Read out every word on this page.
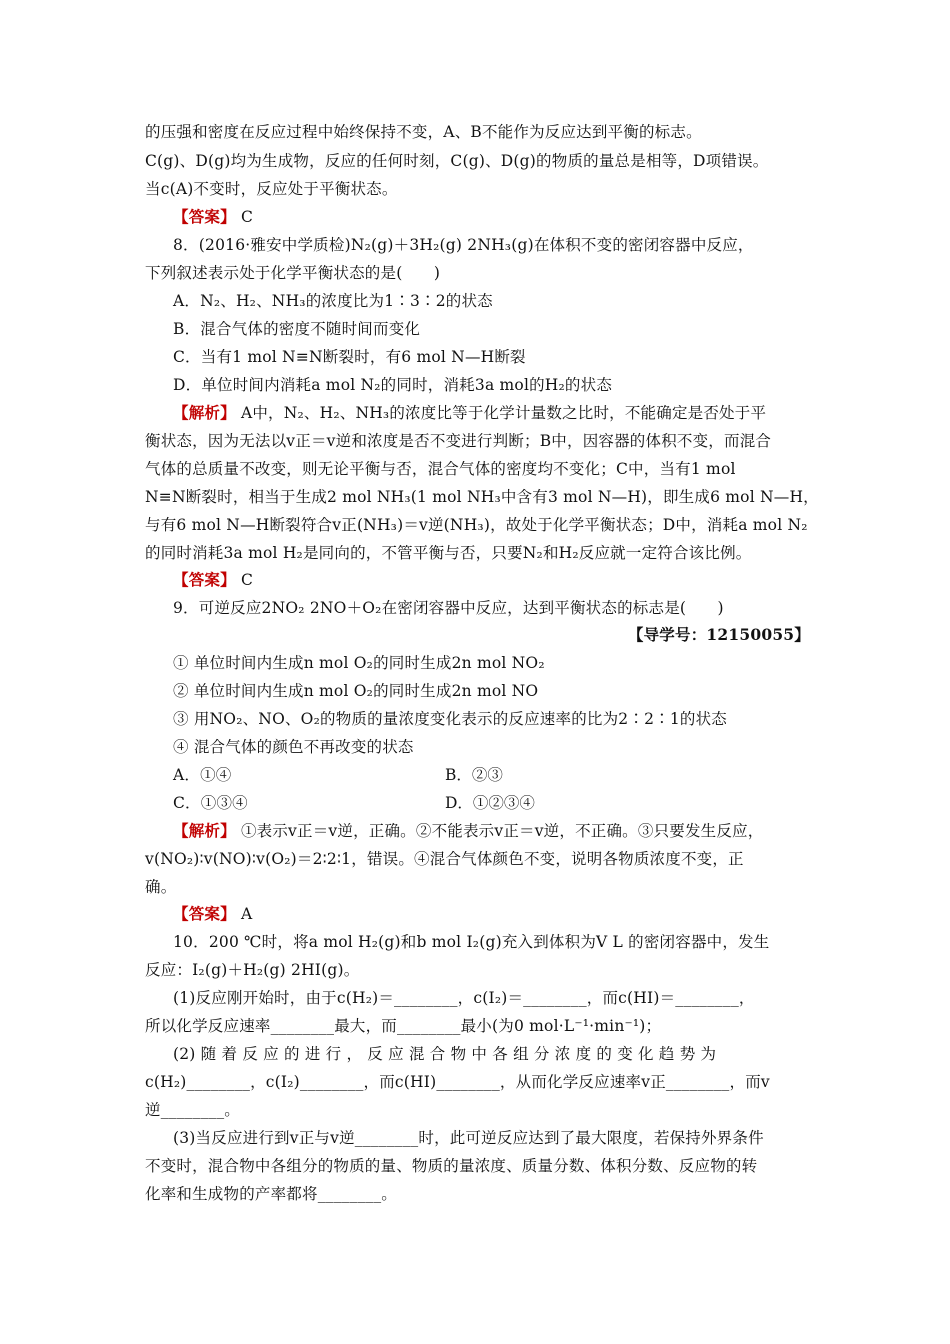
的压强和密度在反应过程中始终保持不变，A、B不能作为反应达到平衡的标志。
C(g)、D(g)均为生成物，反应的任何时刻，C(g)、D(g)的物质的量总是相等，D项错误。
当c(A)不变时，反应处于平衡状态。
【答案】 C
8．(2016·雅安中学质检)N₂(g)＋3H₂(g) 2NH₃(g)在体积不变的密闭容器中反应，
下列叙述表示处于化学平衡状态的是(　　)
A．N₂、H₂、NH₃的浓度比为1∶3∶2的状态
B．混合气体的密度不随时间而变化
C．当有1 mol N≡N断裂时，有6 mol N—H断裂
D．单位时间内消耗a mol N₂的同时，消耗3a mol的H₂的状态
【解析】 A中，N₂、H₂、NH₃的浓度比等于化学计量数之比时，不能确定是否处于平
衡状态，因为无法以v正＝v逆和浓度是否不变进行判断；B中，因容器的体积不变，而混合
气体的总质量不改变，则无论平衡与否，混合气体的密度均不变化；C中，当有1 mol
N≡N断裂时，相当于生成2 mol NH₃(1 mol NH₃中含有3 mol N—H)，即生成6 mol N—H，
与有6 mol N—H断裂符合v正(NH₃)＝v逆(NH₃)，故处于化学平衡状态；D中，消耗a mol N₂
的同时消耗3a mol H₂是同向的，不管平衡与否，只要N₂和H₂反应就一定符合该比例。
【答案】 C
9．可逆反应2NO₂ 2NO＋O₂在密闭容器中反应，达到平衡状态的标志是(　　)
【导学号：12150055】
① 单位时间内生成n mol O₂的同时生成2n mol NO₂
② 单位时间内生成n mol O₂的同时生成2n mol NO
③ 用NO₂、NO、O₂的物质的量浓度变化表示的反应速率的比为2∶2∶1的状态
④ 混合气体的颜色不再改变的状态
A．①④	B．②③
C．①③④	D．①②③④
【解析】 ①表示v正＝v逆，正确。②不能表示v正＝v逆，不正确。③只要发生反应，
v(NO₂)∶v(NO)∶v(O₂)＝2∶2∶1，错误。④混合气体颜色不变，说明各物质浓度不变，正
确。
【答案】 A
10．200 ℃时，将a mol H₂(g)和b mol I₂(g)充入到体积为V L 的密闭容器中，发生
反应：I₂(g)＋H₂(g) 2HI(g)。
(1)反应刚开始时，由于c(H₂)＝________，c(I₂)＝________，而c(HI)＝________，
所以化学反应速率________最大，而________最小(为0 mol·L⁻¹·min⁻¹)；
(2) 随 着 反 应 的 进 行 ， 反 应 混 合 物 中 各 组 分 浓 度 的 变 化 趋 势 为
c(H₂)________，c(I₂)________，而c(HI)________，从而化学反应速率v正________，而v
逆________。
(3)当反应进行到v正与v逆________时，此可逆反应达到了最大限度，若保持外界条件
不变时，混合物中各组分的物质的量、物质的量浓度、质量分数、体积分数、反应物的转
化率和生成物的产率都将________。
